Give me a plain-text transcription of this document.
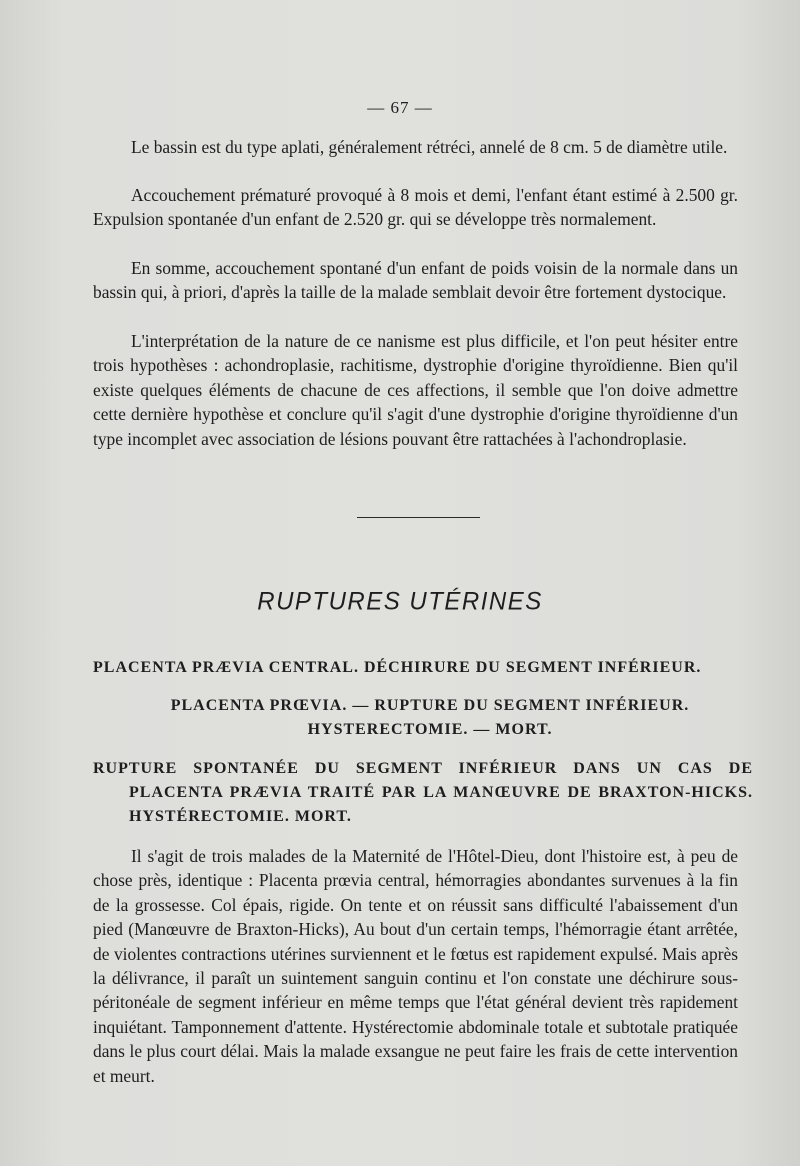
— 67 —

Le bassin est du type aplati, généralement rétréci, annelé de 8 cm. 5 de diamètre utile.

Accouchement prématuré provoqué à 8 mois et demi, l'enfant étant estimé à 2.500 gr. Expulsion spontanée d'un enfant de 2.520 gr. qui se développe très normalement.

En somme, accouchement spontané d'un enfant de poids voisin de la normale dans un bassin qui, à priori, d'après la taille de la malade semblait devoir être fortement dystocique.

L'interprétation de la nature de ce nanisme est plus difficile, et l'on peut hésiter entre trois hypothèses : achondroplasie, rachitisme, dystrophie d'origine thyroïdienne. Bien qu'il existe quelques éléments de chacune de ces affections, il semble que l'on doive admettre cette dernière hypothèse et conclure qu'il s'agit d'une dystrophie d'origine thyroïdienne d'un type incomplet avec association de lésions pouvant être rattachées à l'achondroplasie.

RUPTURES UTÉRINES

PLACENTA PRÆVIA CENTRAL. DÉCHIRURE DU SEGMENT INFÉRIEUR.

PLACENTA PRŒVIA. — RUPTURE DU SEGMENT INFÉRIEUR. HYSTERECTOMIE. — MORT.

RUPTURE SPONTANÉE DU SEGMENT INFÉRIEUR DANS UN CAS DE PLACENTA PRÆVIA TRAITÉ PAR LA MANŒUVRE DE BRAXTON-HICKS. HYSTÉRECTOMIE. MORT.

Il s'agit de trois malades de la Maternité de l'Hôtel-Dieu, dont l'histoire est, à peu de chose près, identique : Placenta prœvia central, hémorragies abondantes survenues à la fin de la grossesse. Col épais, rigide. On tente et on réussit sans difficulté l'abaissement d'un pied (Manœuvre de Braxton-Hicks), Au bout d'un certain temps, l'hémorragie étant arrêtée, de violentes contractions utérines surviennent et le fœtus est rapidement expulsé. Mais après la délivrance, il paraît un suintement sanguin continu et l'on constate une déchirure sous-péritonéale de segment inférieur en même temps que l'état général devient très rapidement inquiétant. Tamponnement d'attente. Hystérectomie abdominale totale et subtotale pratiquée dans le plus court délai. Mais la malade exsangue ne peut faire les frais de cette intervention et meurt.
